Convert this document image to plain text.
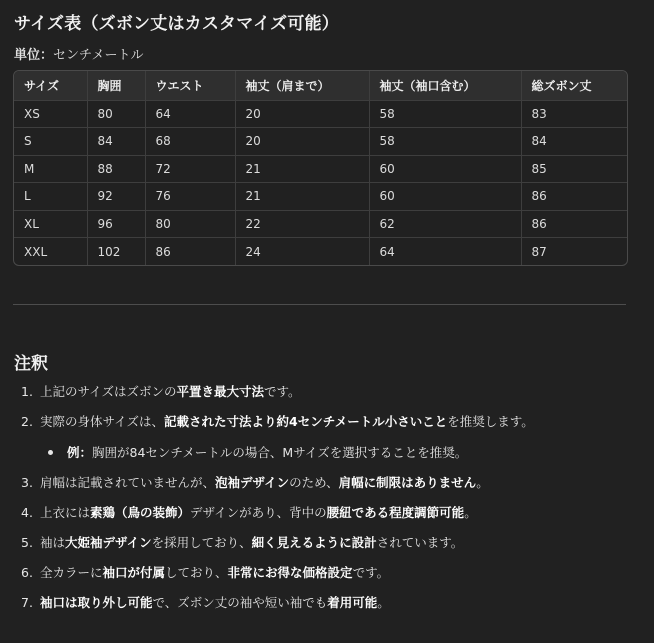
サイズ表（ズボン丈はカスタマイズ可能）
単位：センチメートル
サイズ	胸囲	ウエスト	袖丈（肩まで）	袖丈（袖口含む）	総ズボン丈
XS	80	64	20	58	83
S	84	68	20	58	84
M	88	72	21	60	85
L	92	76	21	60	86
XL	96	80	22	62	86
XXL	102	86	24	64	87
注釈
1. 上記のサイズはズボンの平置き最大寸法です。
2. 実際の身体サイズは、記載された寸法より約4センチメートル小さいことを推奨します。
例：胸囲が84センチメートルの場合、Mサイズを選択することを推奨。
3. 肩幅は記載されていませんが、泡袖デザインのため、肩幅に制限はありません。
4. 上衣には素鶏（鳥の装飾）デザインがあり、背中の腰紐である程度調節可能。
5. 袖は大姫袖デザインを採用しており、細く見えるように設計されています。
6. 全カラーに袖口が付属しており、非常にお得な価格設定です。
7. 袖口は取り外し可能で、ズボン丈の袖や短い袖でも着用可能。
